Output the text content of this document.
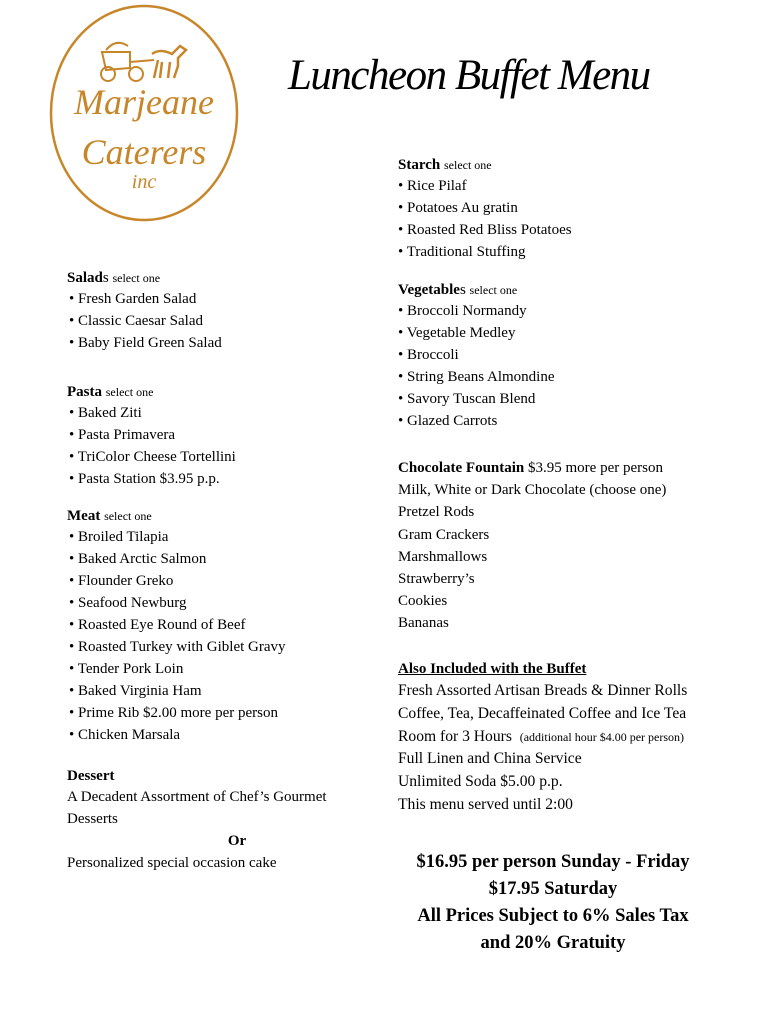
Marjeane
Caterers
inc
Luncheon Buffet Menu
Salads select one
• Fresh Garden Salad
• Classic Caesar Salad
• Baby Field Green Salad
Pasta select one
• Baked Ziti
• Pasta Primavera
• TriColor Cheese Tortellini
• Pasta Station $3.95 p.p.
Meat select one
• Broiled Tilapia
• Baked Arctic Salmon
• Flounder Greko
• Seafood Newburg
• Roasted Eye Round of Beef
• Roasted Turkey with Giblet Gravy
• Tender Pork Loin
• Baked Virginia Ham
• Prime Rib $2.00 more per person
• Chicken Marsala
Dessert
A Decadent Assortment of Chef’s Gourmet
Desserts
Or
Personalized special occasion cake
Starch select one
• Rice Pilaf
• Potatoes Au gratin
• Roasted Red Bliss Potatoes
• Traditional Stuffing
Vegetables select one
• Broccoli Normandy
• Vegetable Medley
• Broccoli
• String Beans Almondine
• Savory Tuscan Blend
• Glazed Carrots
Chocolate Fountain $3.95 more per person
Milk, White or Dark Chocolate (choose one)
Pretzel Rods
Gram Crackers
Marshmallows
Strawberry’s
Cookies
Bananas
Also Included with the Buffet
Fresh Assorted Artisan Breads & Dinner Rolls
Coffee, Tea, Decaffeinated Coffee and Ice Tea
Room for 3 Hours (additional hour $4.00 per person)
Full Linen and China Service
Unlimited Soda $5.00 p.p.
This menu served until 2:00
$16.95 per person Sunday - Friday
$17.95 Saturday
All Prices Subject to 6% Sales Tax
and 20% Gratuity
